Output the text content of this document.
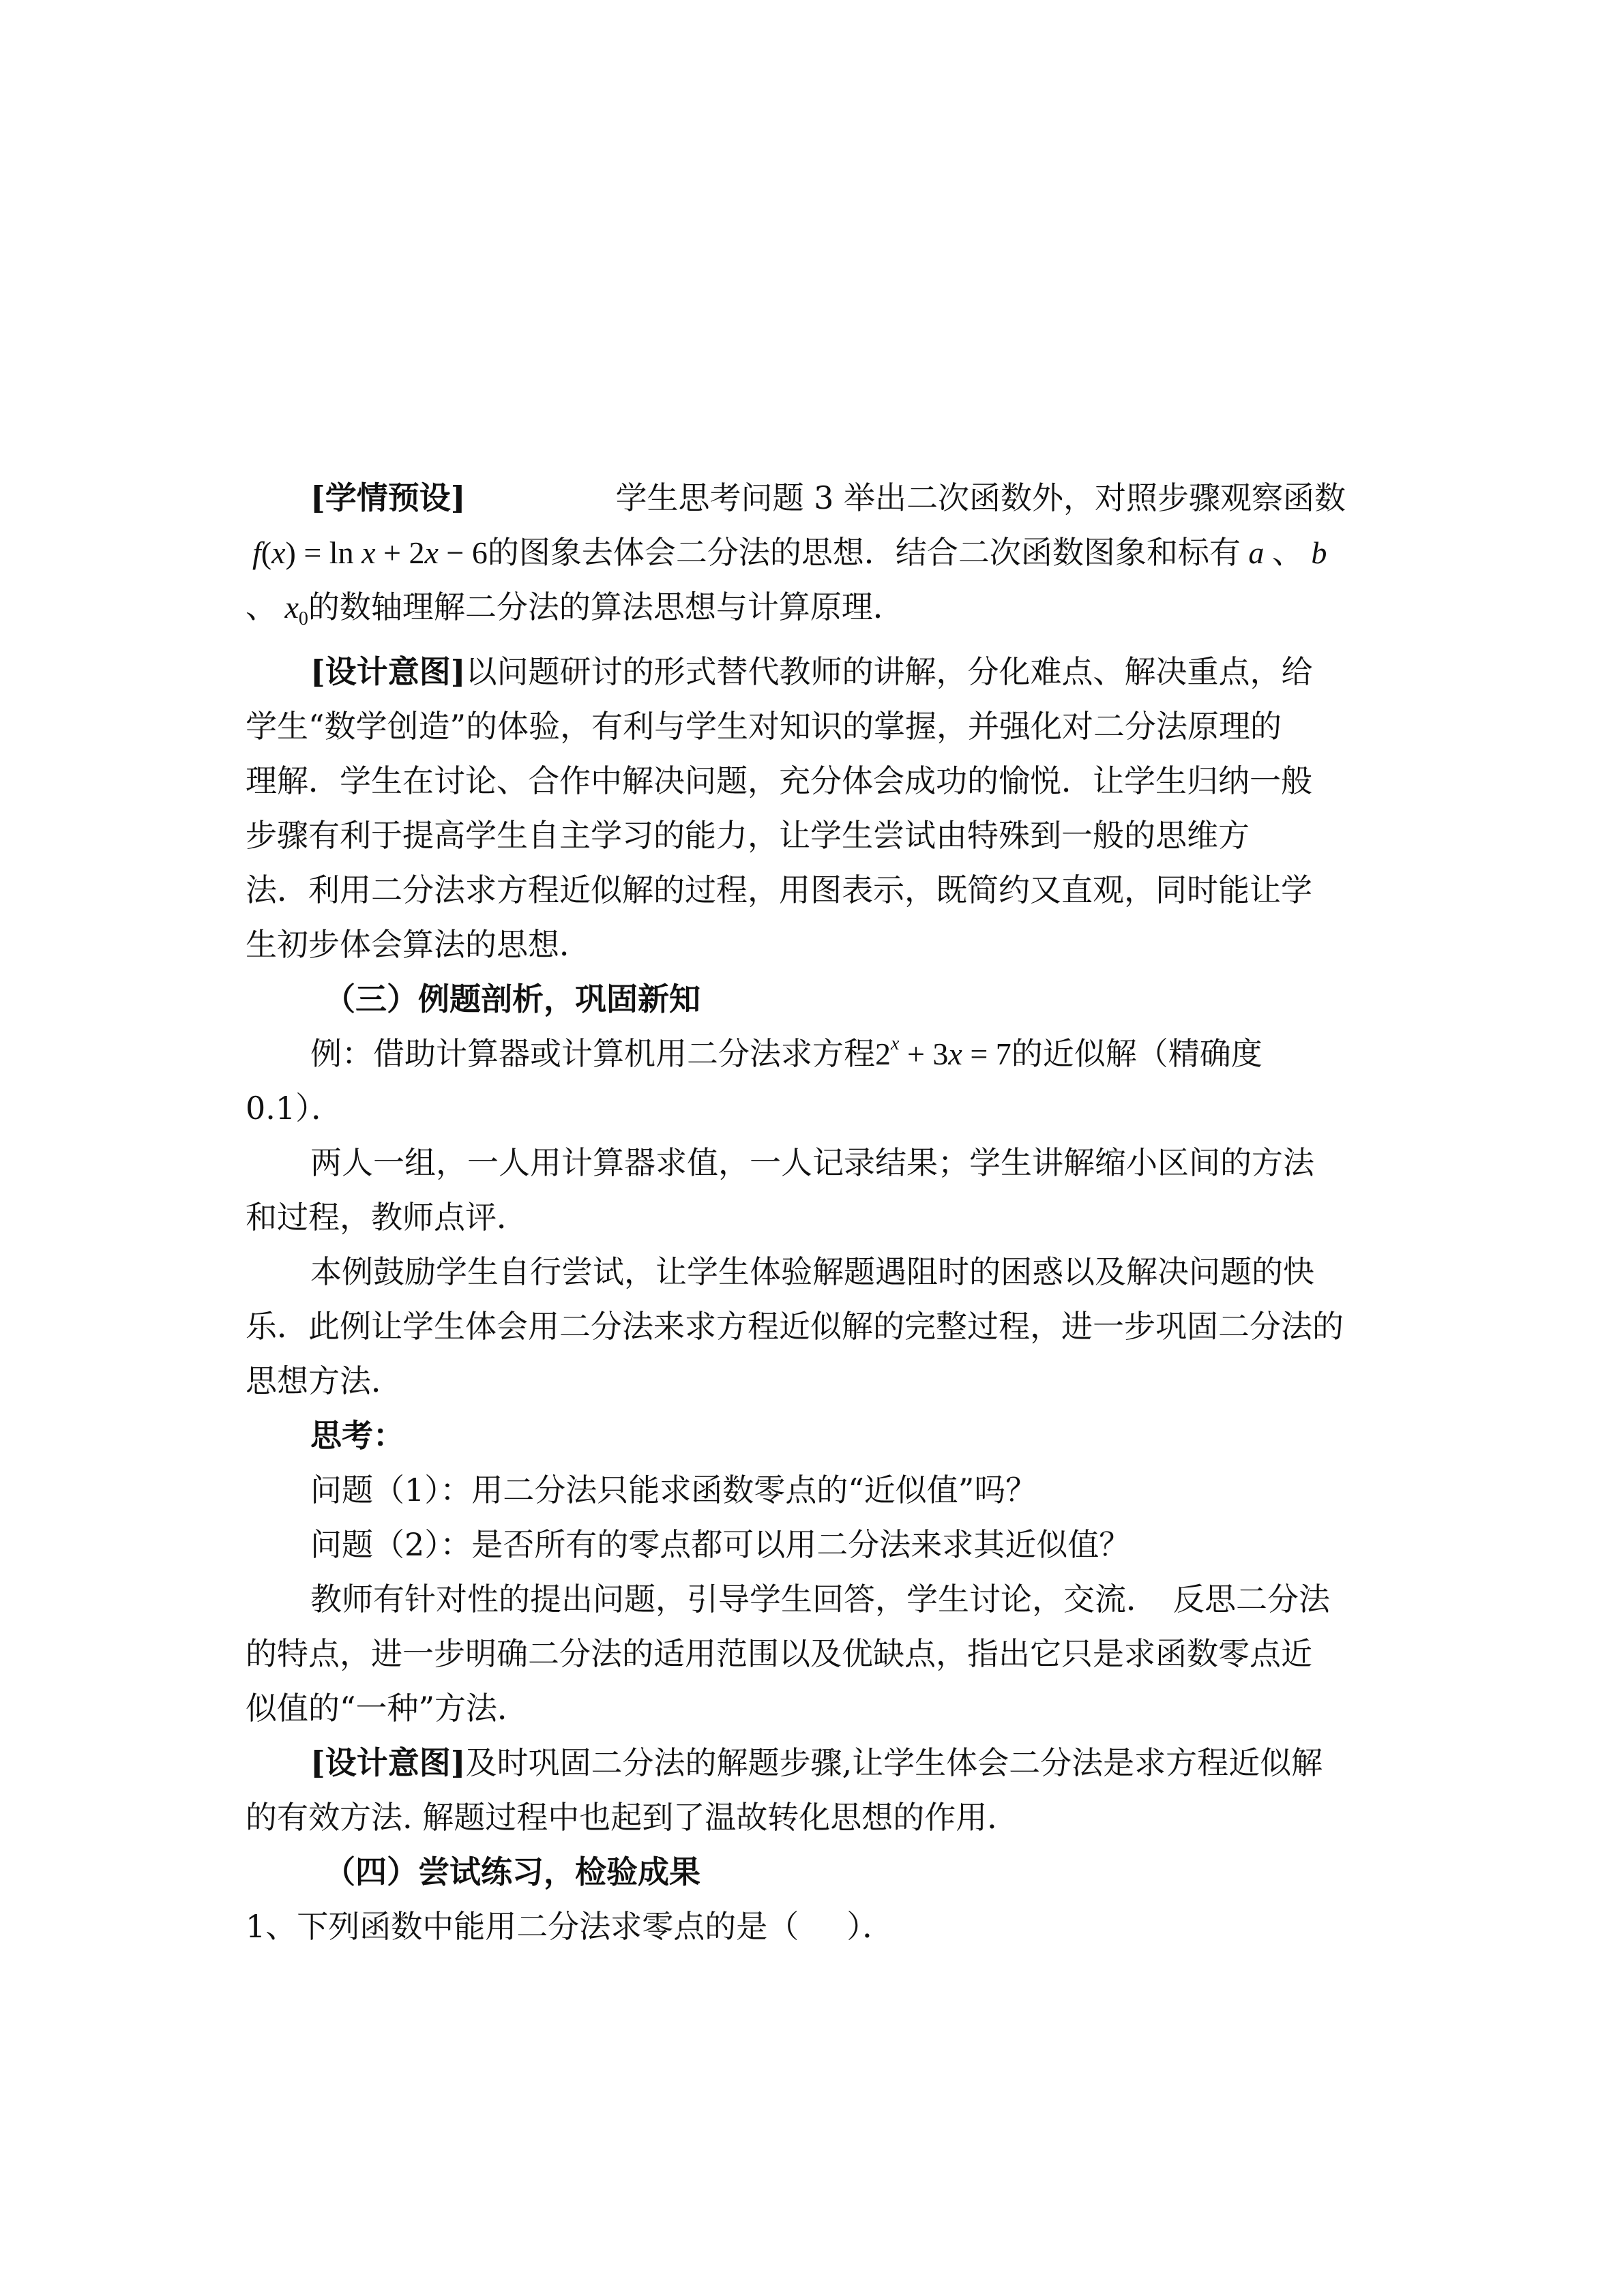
[学情预设]	学生思考问题 3 举出二次函数外，对照步骤观察函数
f(x) = ln x + 2x − 6的图象去体会二分法的思想．结合二次函数图象和标有 a 、 b
、 $x_0$的数轴理解二分法的算法思想与计算原理．
[设计意图]以问题研讨的形式替代教师的讲解，分化难点、解决重点，给
学生“数学创造”的体验，有利与学生对知识的掌握，并强化对二分法原理的
理解．学生在讨论、合作中解决问题，充分体会成功的愉悦．让学生归纳一般
步骤有利于提高学生自主学习的能力，让学生尝试由特殊到一般的思维方
法．利用二分法求方程近似解的过程，用图表示，既简约又直观，同时能让学
生初步体会算法的思想．
（三）例题剖析，巩固新知
例：借助计算器或计算机用二分法求方程$2^x + 3x = 7$的近似解（精确度
0.1）．
两人一组，一人用计算器求值，一人记录结果；学生讲解缩小区间的方法
和过程，教师点评．
本例鼓励学生自行尝试，让学生体验解题遇阻时的困惑以及解决问题的快
乐．此例让学生体会用二分法来求方程近似解的完整过程，进一步巩固二分法的
思想方法．
思考：
问题（1）：用二分法只能求函数零点的“近似值”吗？
问题（2）：是否所有的零点都可以用二分法来求其近似值？
教师有针对性的提出问题，引导学生回答，学生讨论，交流．　反思二分法
的特点，进一步明确二分法的适用范围以及优缺点，指出它只是求函数零点近
似值的“一种”方法．
[设计意图]及时巩固二分法的解题步骤,让学生体会二分法是求方程近似解
的有效方法. 解题过程中也起到了温故转化思想的作用．
（四）尝试练习，检验成果
1、下列函数中能用二分法求零点的是（ ）．
